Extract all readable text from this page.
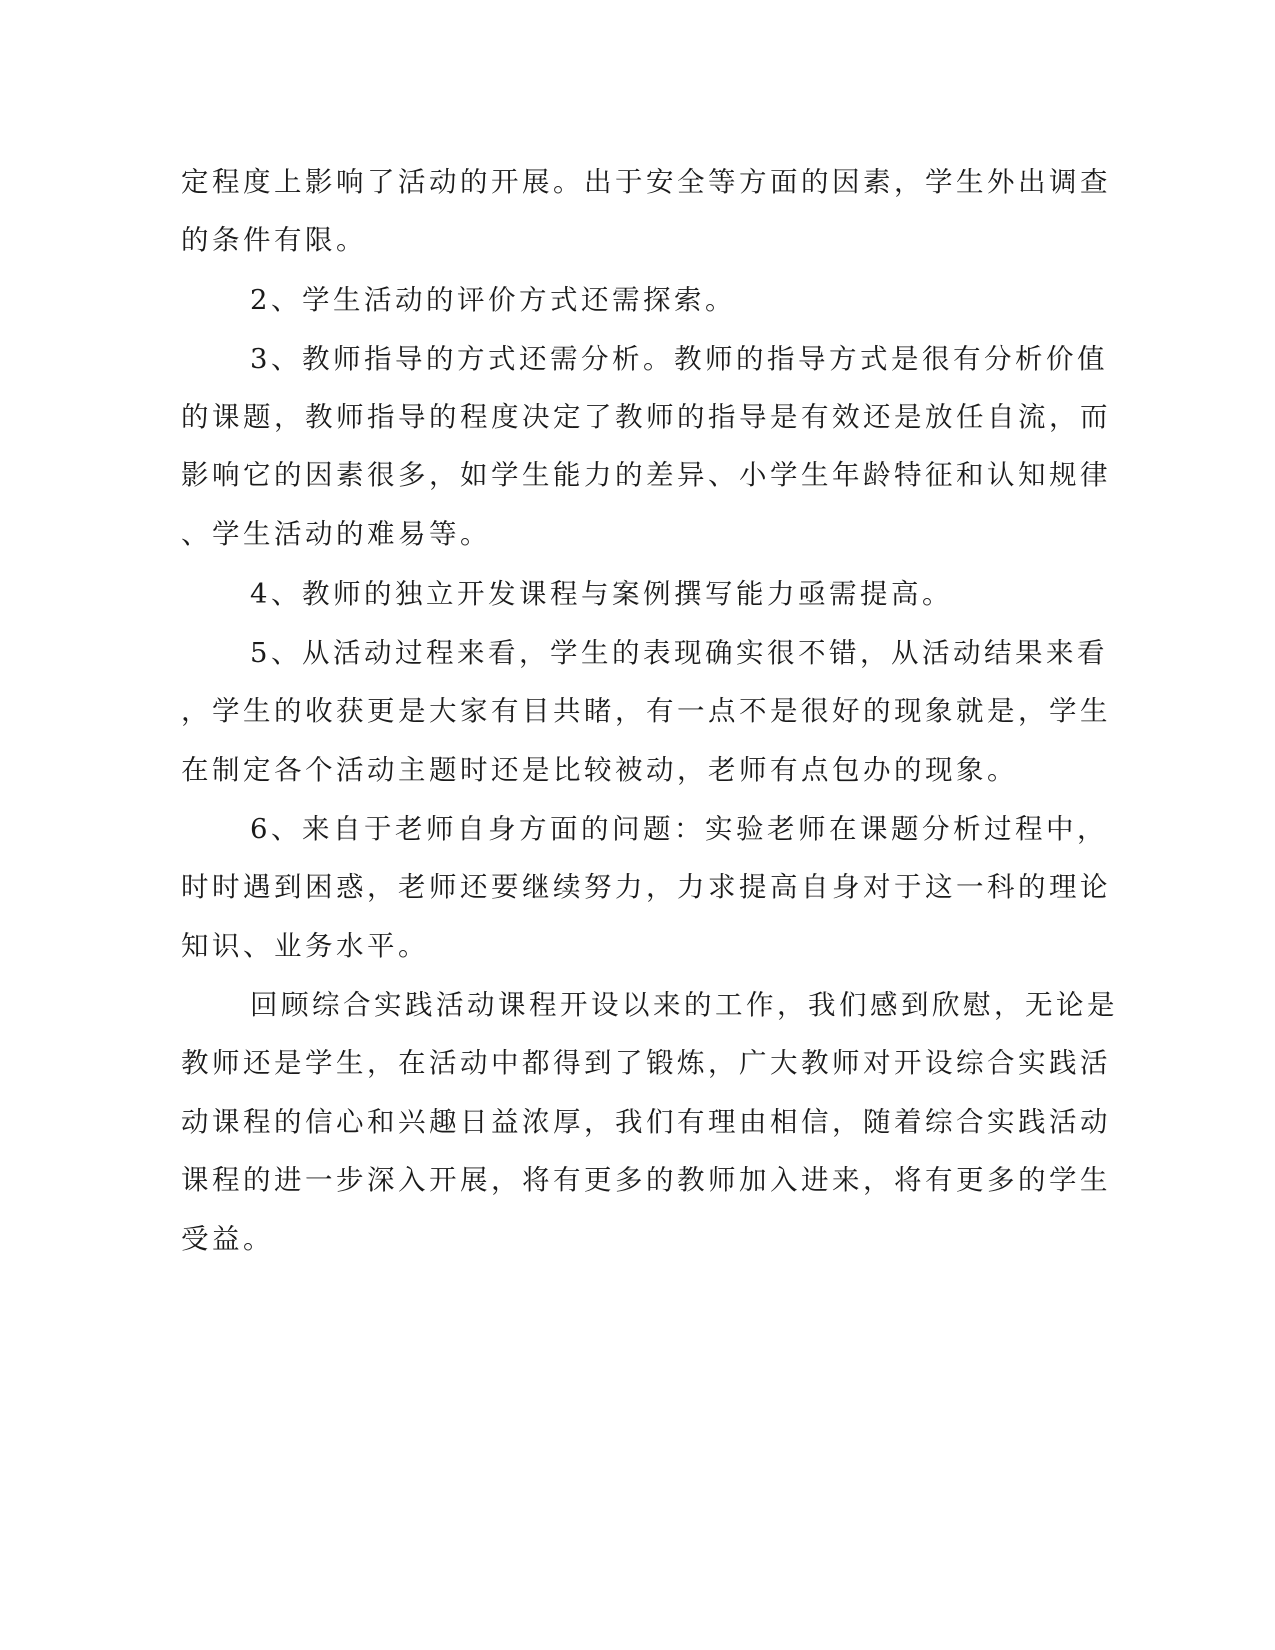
定程度上影响了活动的开展。出于安全等方面的因素，学生外出调查
的条件有限。
2、学生活动的评价方式还需探索。
3、教师指导的方式还需分析。教师的指导方式是很有分析价值
的课题，教师指导的程度决定了教师的指导是有效还是放任自流，而
影响它的因素很多，如学生能力的差异、小学生年龄特征和认知规律
、学生活动的难易等。
4、教师的独立开发课程与案例撰写能力亟需提高。
5、从活动过程来看，学生的表现确实很不错，从活动结果来看
，学生的收获更是大家有目共睹，有一点不是很好的现象就是，学生
在制定各个活动主题时还是比较被动，老师有点包办的现象。
6、来自于老师自身方面的问题：实验老师在课题分析过程中，
时时遇到困惑，老师还要继续努力，力求提高自身对于这一科的理论
知识、业务水平。
回顾综合实践活动课程开设以来的工作，我们感到欣慰，无论是
教师还是学生，在活动中都得到了锻炼，广大教师对开设综合实践活
动课程的信心和兴趣日益浓厚，我们有理由相信，随着综合实践活动
课程的进一步深入开展，将有更多的教师加入进来，将有更多的学生
受益。
